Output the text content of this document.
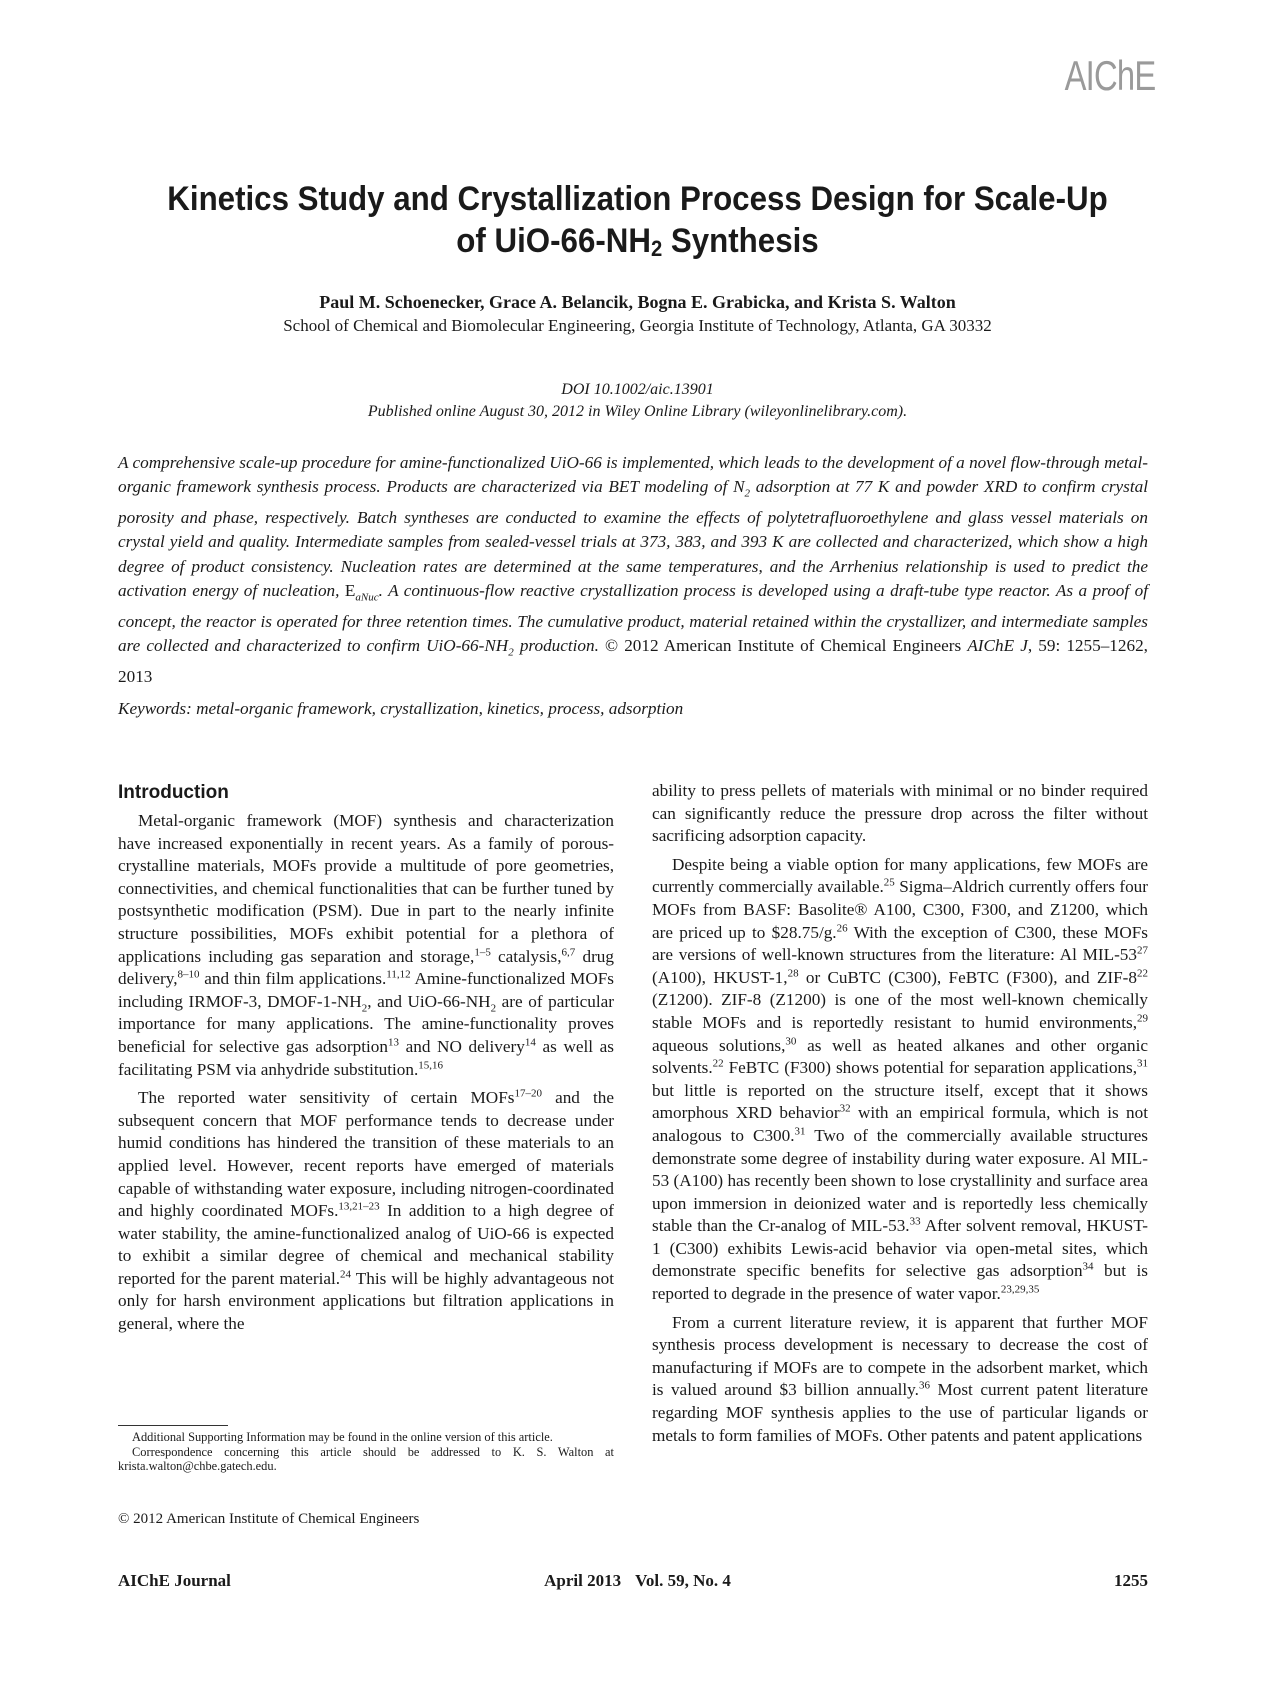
AIChE
Kinetics Study and Crystallization Process Design for Scale-Up
of UiO-$66-NH_2$ Synthesis
Paul M. Schoenecker, Grace A. Belancik, Bogna E. Grabicka, and Krista S. Walton
School of Chemical and Biomolecular Engineering, Georgia Institute of Technology, Atlanta, GA 30332
DOI 10.1002/aic.13901
Published online August 30, 2012 in Wiley Online Library (wileyonlinelibrary.com).
A comprehensive scale-up procedure for amine-functionalized UiO-66 is implemented, which leads to the development of a novel flow-through metal-organic framework synthesis process. Products are characterized via BET modeling of $N_2$ adsorption at 77 K and powder XRD to confirm crystal porosity and phase, respectively. Batch syntheses are conducted to examine the effects of polytetrafluoroethylene and glass vessel materials on crystal yield and quality. Intermediate samples from sealed-vessel trials at 373, 383, and 393 K are collected and characterized, which show a high degree of product consistency. Nucleation rates are determined at the same temperatures, and the Arrhenius relationship is used to predict the activation energy of nucleation, $E_{aNuc}$. A continuous-flow reactive crystallization process is developed using a draft-tube type reactor. As a proof of concept, the reactor is operated for three retention times. The cumulative product, material retained within the crystallizer, and intermediate samples are collected and characterized to confirm UiO-$66-NH_2$ production. © 2012 American Institute of Chemical Engineers AIChE J, 59: 1255–1262, 2013
Keywords: metal-organic framework, crystallization, kinetics, process, adsorption
Introduction

Metal-organic framework (MOF) synthesis and characterization have increased exponentially in recent years. As a family of porous-crystalline materials, MOFs provide a multitude of pore geometries, connectivities, and chemical functionalities that can be further tuned by postsynthetic modification (PSM). Due in part to the nearly infinite structure possibilities, MOFs exhibit potential for a plethora of applications including gas separation and storage,$^{1-5}$ catalysis,$^{6,7}$ drug delivery,$^{8-10}$ and thin film applications.$^{11,12}$ Amine-functionalized MOFs including IRMOF-3, DMOF-$1-NH_2$, and UiO-$66-NH_2$ are of particular importance for many applications. The amine-functionality proves beneficial for selective gas adsorption$^{13}$ and NO delivery$^{14}$ as well as facilitating PSM via anhydride substitution.$^{15,16}$

The reported water sensitivity of certain MOFs$^{17-20}$ and the subsequent concern that MOF performance tends to decrease under humid conditions has hindered the transition of these materials to an applied level. However, recent reports have emerged of materials capable of withstanding water exposure, including nitrogen-coordinated and highly coordinated MOFs.$^{13,21-23}$ In addition to a high degree of water stability, the amine-functionalized analog of UiO-66 is expected to exhibit a similar degree of chemical and mechanical stability reported for the parent material.$^{24}$ This will be highly advantageous not only for harsh environment applications but filtration applications in general, where the

Additional Supporting Information may be found in the online version of this article.

Correspondence concerning this article should be addressed to K. S. Walton at krista.walton@chbe.gatech.edu.

© 2012 American Institute of Chemical Engineers

ability to press pellets of materials with minimal or no binder required can significantly reduce the pressure drop across the filter without sacrificing adsorption capacity.

Despite being a viable option for many applications, few MOFs are currently commercially available.$^{25}$ Sigma–Aldrich currently offers four MOFs from BASF: Basolite® A100, C300, F300, and Z1200, which are priced up to $28.75/g.$^{26}$ With the exception of C300, these MOFs are versions of well-known structures from the literature: Al MIL-$53^{27}$ (A100), HKUST-1,28 or CuBTC (C300), FeBTC (F300), and ZIF-$8^{22}$ (Z1200). ZIF-8 (Z1200) is one of the most well-known chemically stable MOFs and is reportedly resistant to humid environments,$^{29}$ aqueous solutions,$^{30}$ as well as heated alkanes and other organic solvents.$^{22}$ FeBTC (F300) shows potential for separation applications,$^{31}$ but little is reported on the structure itself, except that it shows amorphous XRD behavior$^{32}$ with an empirical formula, which is not analogous to C300.31 Two of the commercially available structures demonstrate some degree of instability during water exposure. Al MIL-53 (A100) has recently been shown to lose crystallinity and surface area upon immersion in deionized water and is reportedly less chemically stable than the Cr-analog of MIL-53.33 After solvent removal, HKUST-1 (C300) exhibits Lewis-acid behavior via open-metal sites, which demonstrate specific benefits for selective gas adsorption$^{34}$ but is reported to degrade in the presence of water vapor.$^{23,29,35}$

From a current literature review, it is apparent that further MOF synthesis process development is necessary to decrease the cost of manufacturing if MOFs are to compete in the adsorbent market, which is valued around $3 billion annually.$^{36}$ Most current patent literature regarding MOF synthesis applies to the use of particular ligands or metals to form families of MOFs. Other patents and patent applications

AIChE Journal	April 2013 Vol. 59, No. 4	1255
